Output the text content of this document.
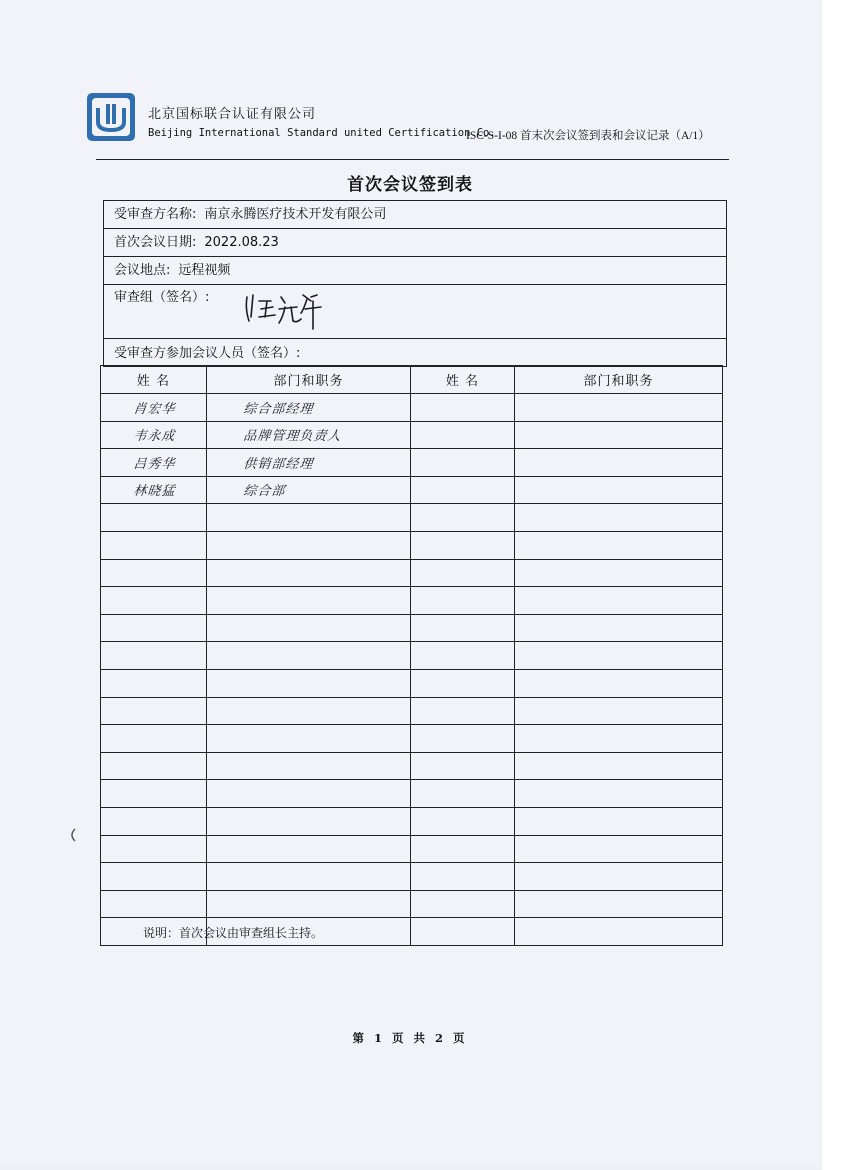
北京国标联合认证有限公司
Beijing International Standard united Certification Co.
ISC-S-I-08 首末次会议签到表和会议记录（A/1）
首次会议签到表
受审查方名称: 南京永腾医疗技术开发有限公司
首次会议日期: 2022.08.23
会议地点: 远程视频
审查组（签名）:
受审查方参加会议人员（签名）:
姓 名	部门和职务	姓 名	部门和职务
肖宏华	综合部经理		
韦永成	品牌管理负责人		
吕秀华	供销部经理		
林晓猛	综合部		

说明：首次会议由审查组长主持。
第 1 页 共 2 页
